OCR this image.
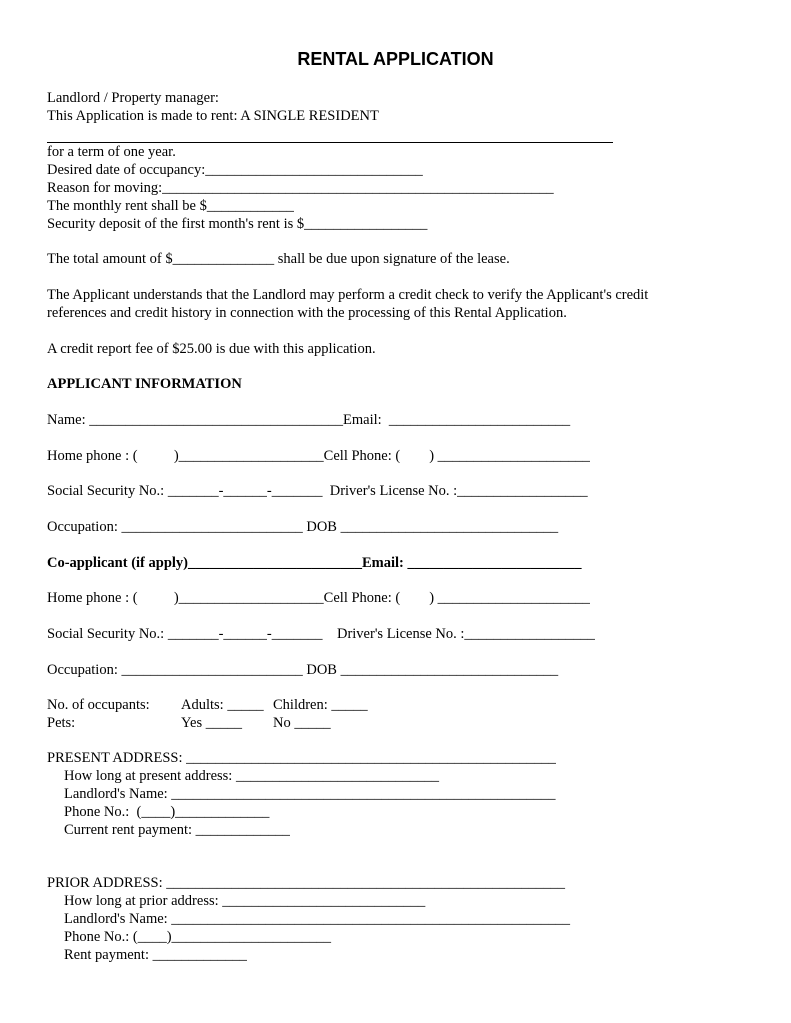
RENTAL APPLICATION
Landlord / Property manager:
This Application is made to rent: A SINGLE RESIDENT
for a term of one year.
Desired date of occupancy:______________________________
Reason for moving:______________________________________________________
The monthly rent shall be $____________
Security deposit of the first month's rent is $_________________
The total amount of $______________ shall be due upon signature of the lease.
The Applicant understands that the Landlord may perform a credit check to verify the Applicant's credit
references and credit history in connection with the processing of this Rental Application.
A credit report fee of $25.00 is due with this application.
APPLICANT INFORMATION
Name: ___________________________________Email:  _________________________
Home phone : (          )____________________Cell Phone: (        ) _____________________
Social Security No.: _______-______-_______  Driver's License No. :__________________
Occupation: _________________________ DOB ______________________________
Co-applicant (if apply)________________________Email: ________________________
Home phone : (          )____________________Cell Phone: (        ) _____________________
Social Security No.: _______-______-_______    Driver's License No. :__________________
Occupation: _________________________ DOB ______________________________
No. of occupants: Adults: _____ Children: _____
Pets:	Yes _____ No _____
PRESENT ADDRESS: ___________________________________________________
How long at present address: ____________________________
Landlord's Name: _____________________________________________________
Phone No.:  (____)_____________
Current rent payment: _____________
PRIOR ADDRESS: _______________________________________________________
How long at prior address: ____________________________
Landlord's Name: _______________________________________________________
Phone No.: (____)______________________
Rent payment: _____________
